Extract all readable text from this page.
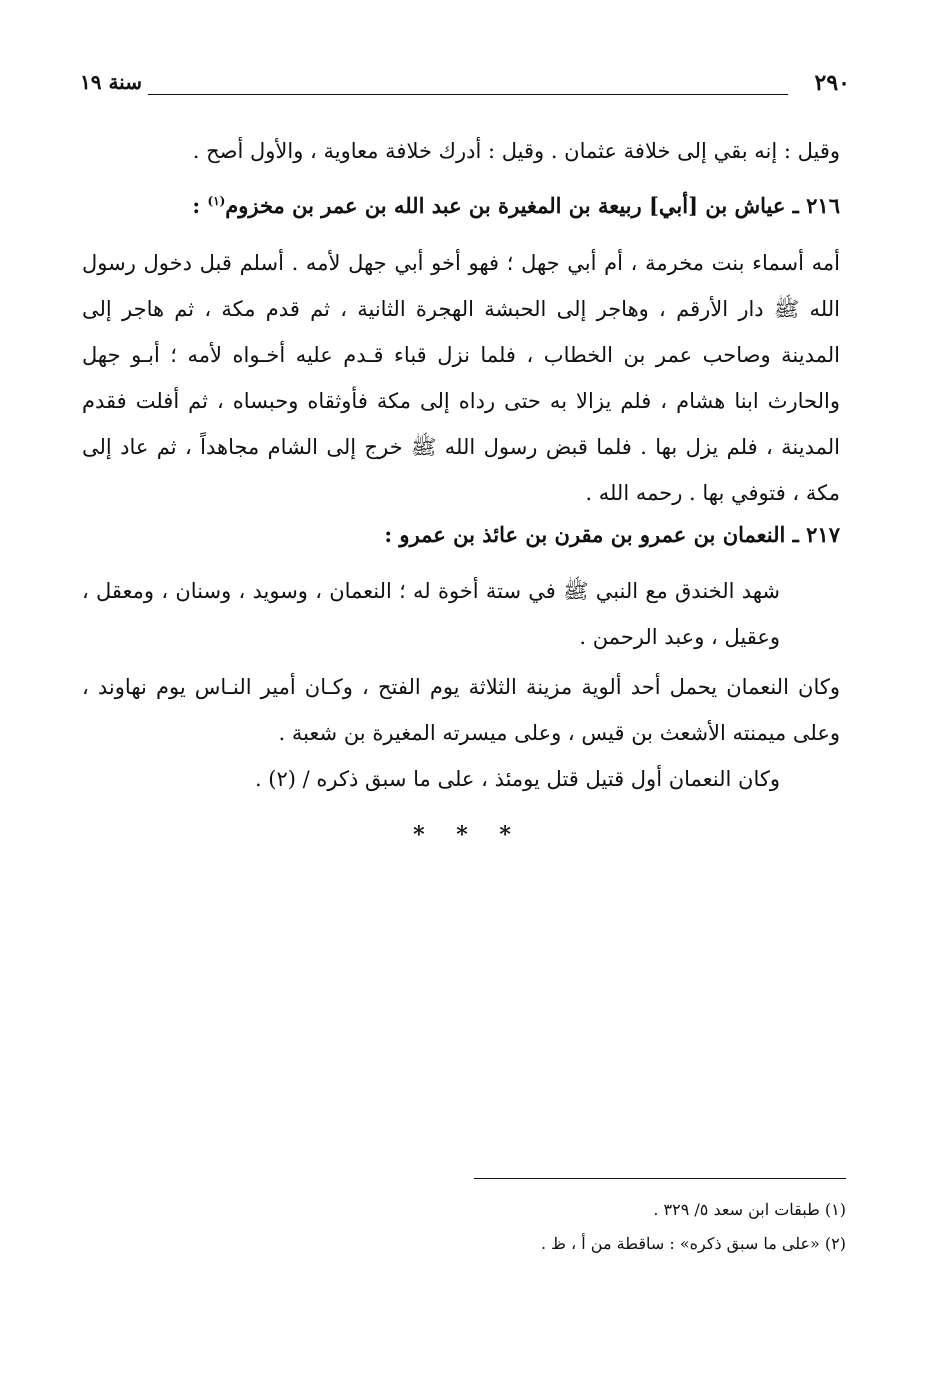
٢٩٠
سنة ١٩

وقيل : إنه بقي إلى خلافة عثمان . وقيل : أدرك خلافة معاوية ، والأول أصح .

٢١٦ ـ عياش بن [أبي] ربيعة بن المغيرة بن عبد الله بن عمر بن مخزوم$^{(١)}$ :

أمه أسماء بنت مخرمة ، أم أبي جهل ؛ فهو أخو أبي جهل لأمه . أسلم قبل دخول رسول الله ﷺ دار الأرقم ، وهاجر إلى الحبشة الهجرة الثانية ، ثم قدم مكة ، ثم هاجر إلى المدينة وصاحب عمر بن الخطاب ، فلما نزل قباء قـدم عليه أخـواه لأمه ؛ أبـو جهل والحارث ابنا هشام ، فلم يزالا به حتى رداه إلى مكة فأوثقاه وحبساه ، ثم أفلت فقدم المدينة ، فلم يزل بها . فلما قبض رسول الله ﷺ خرج إلى الشام مجاهداً ، ثم عاد إلى مكة ، فتوفي بها . رحمه الله .

٢١٧ ـ النعمان بن عمرو بن مقرن بن عائذ بن عمرو :

شهد الخندق مع النبي ﷺ في ستة أخوة له ؛ النعمان ، وسويد ، وسنان ، ومعقل ، وعقيل ، وعبد الرحمن .

وكان النعمان يحمل أحد ألوية مزينة الثلاثة يوم الفتح ، وكـان أمير النـاس يوم نهاوند ، وعلى ميمنته الأشعث بن قيس ، وعلى ميسرته المغيرة بن شعبة .

وكان النعمان أول قتيل قتل يومئذ ، على ما سبق ذكره / (٢) .

* * *
(١) طبقات ابن سعد ٥/ ٣٢٩ .
(٢) «على ما سبق ذكره» : ساقطة من أ ، ظ .
